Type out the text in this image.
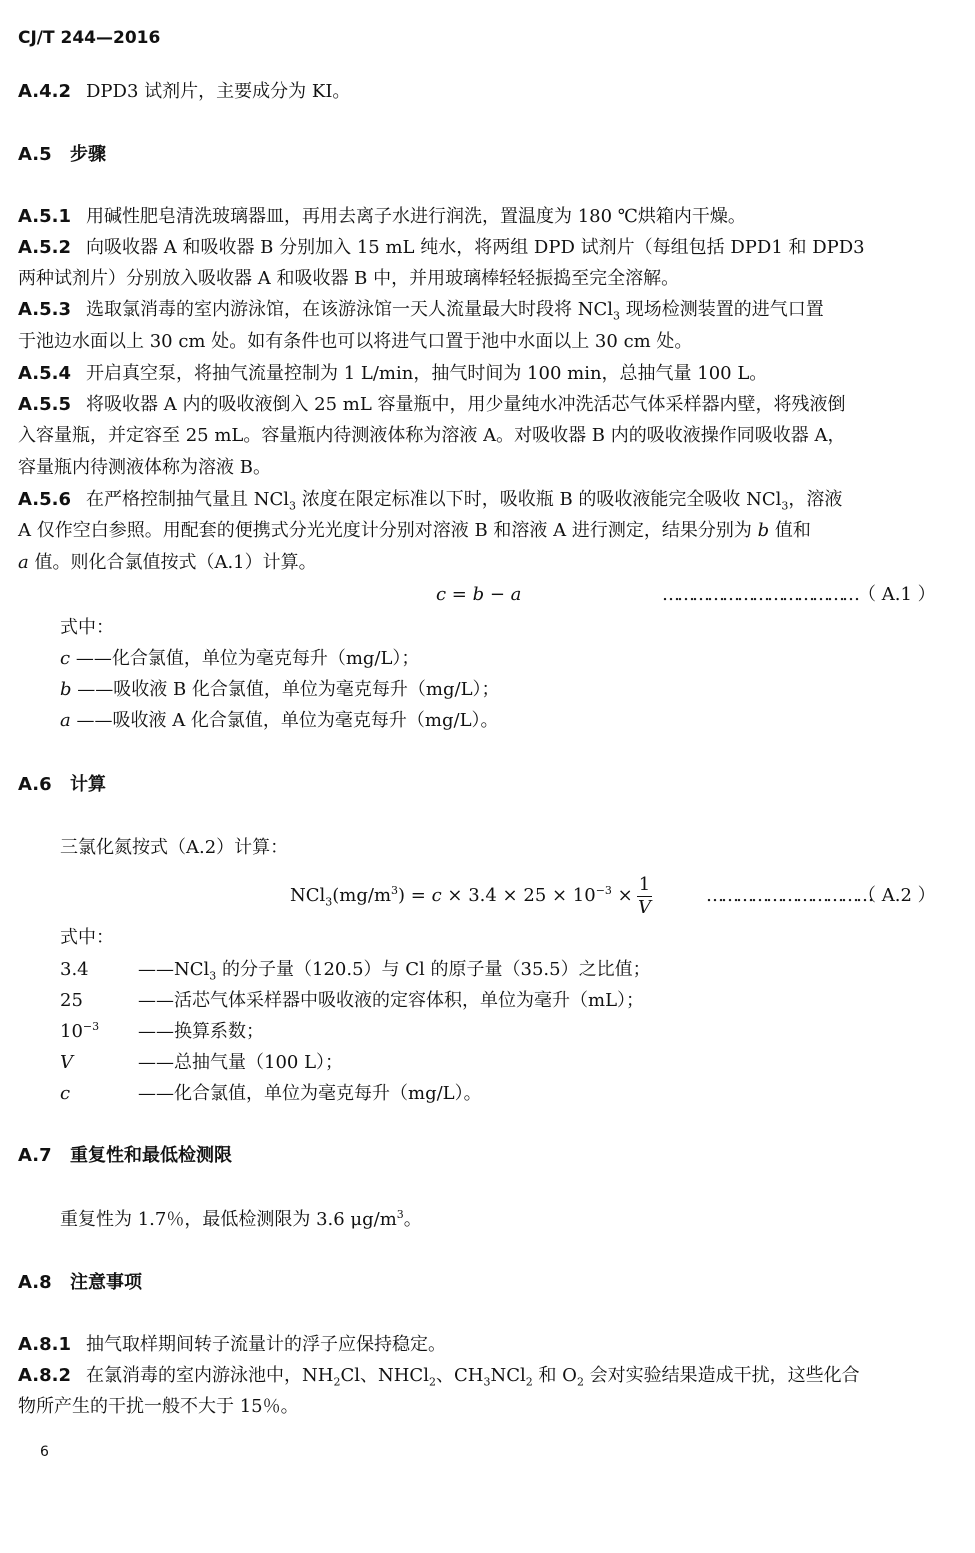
CJ/T 244—2016
A.4.2 DPD3 试剂片，主要成分为 KI。
A.5 步骤
A.5.1 用碱性肥皂清洗玻璃器皿，再用去离子水进行润洗，置温度为 180 ℃烘箱内干燥。
A.5.2 向吸收器 A 和吸收器 B 分别加入 15 mL 纯水，将两组 DPD 试剂片（每组包括 DPD1 和 DPD3
两种试剂片）分别放入吸收器 A 和吸收器 B 中，并用玻璃棒轻轻振捣至完全溶解。
A.5.3 选取氯消毒的室内游泳馆，在该游泳馆一天人流量最大时段将 NCl$_3$ 现场检测装置的进气口置
于池边水面以上 30 cm 处。如有条件也可以将进气口置于池中水面以上 30 cm 处。
A.5.4 开启真空泵，将抽气流量控制为 1 L/min，抽气时间为 100 min，总抽气量 100 L。
A.5.5 将吸收器 A 内的吸收液倒入 25 mL 容量瓶中，用少量纯水冲洗活芯气体采样器内壁，将残液倒
入容量瓶，并定容至 25 mL。容量瓶内待测液体称为溶液 A。对吸收器 B 内的吸收液操作同吸收器 A，
容量瓶内待测液体称为溶液 B。
A.5.6 在严格控制抽气量且 NCl$_3$ 浓度在限定标准以下时，吸收瓶 B 的吸收液能完全吸收 NCl$_3$，溶液
A 仅作空白参照。用配套的便携式分光光度计分别对溶液 B 和溶液 A 进行测定，结果分别为 b 值和
a 值。则化合氯值按式（A.1）计算。
c = b − a	………………………………… （ A.1 ）
式中：
c ——化合氯值，单位为毫克每升（mg/L）；
b ——吸收液 B 化合氯值，单位为毫克每升（mg/L）；
a ——吸收液 A 化合氯值，单位为毫克每升（mg/L）。
A.6 计算
三氯化氮按式（A.2）计算：
$NCl_3(mg/m^3) = c \times 3.4 \times 25 \times 10^{-3} \times \frac{1}{V}$	……………………………
（ A.2 ）
式中：
3.4	——NCl$_3$ 的分子量（120.5）与 Cl 的原子量（35.5）之比值；
25	——活芯气体采样器中吸收液的定容体积，单位为毫升（mL）；
$10^{-3}$ ——换算系数；
V	——总抽气量（100 L）；
c	——化合氯值，单位为毫克每升（mg/L）。
A.7 重复性和最低检测限
重复性为 1.7％，最低检测限为 3.6 $\mu g/m^3$。
A.8 注意事项
A.8.1 抽气取样期间转子流量计的浮子应保持稳定。
A.8.2 在氯消毒的室内游泳池中，$NH_2Cl$、NHCl$_2$、$CH_3NCl_2$ 和 $O_2$ 会对实验结果造成干扰，这些化合
物所产生的干扰一般不大于 15％。
6
